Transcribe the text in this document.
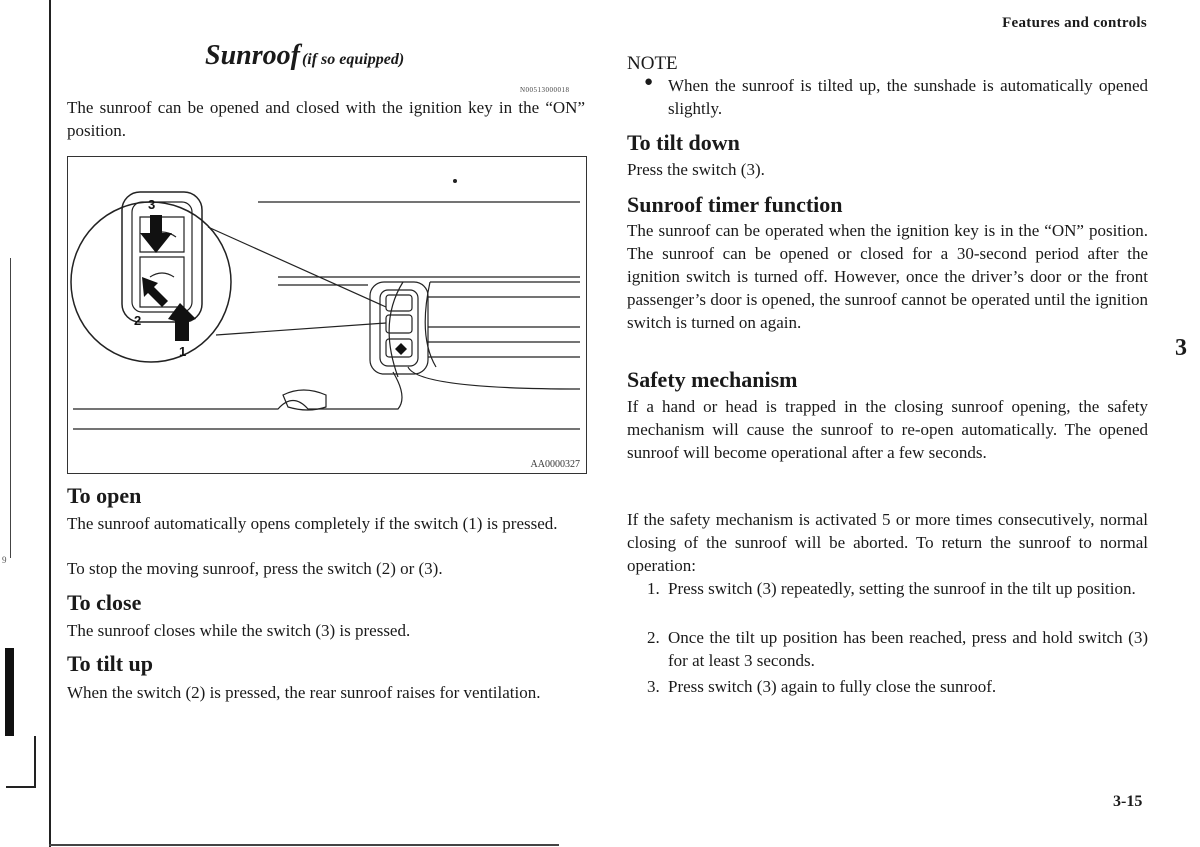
9
Features and controls
Sunroof (if so equipped)
N00513000018
The sunroof can be opened and closed with the ignition key in the “ON” position.
3
2
1
AA0000327
To open
The sunroof automatically opens completely if the switch (1) is pressed.
To stop the moving sunroof, press the switch (2) or (3).
To close
The sunroof closes while the switch (3) is pressed.
To tilt up
When the switch (2) is pressed, the rear sunroof raises for ventilation.
NOTE
● When the sunroof is tilted up, the sunshade is automatically opened slightly.
To tilt down
Press the switch (3).
Sunroof timer function
The sunroof can be operated when the ignition key is in the “ON” position. The sunroof can be opened or closed for a 30-second period after the ignition switch is turned off. However, once the driver’s door or the front passenger’s door is opened, the sunroof cannot be operated until the ignition switch is turned on again.
Safety mechanism
If a hand or head is trapped in the closing sunroof opening, the safety mechanism will cause the sunroof to re-open automatically. The opened sunroof will become operational after a few seconds.
If the safety mechanism is activated 5 or more times consecutively, normal closing of the sunroof will be aborted. To return the sunroof to normal operation:
1. Press switch (3) repeatedly, setting the sunroof in the tilt up position.
2. Once the tilt up position has been reached, press and hold switch (3) for at least 3 seconds.
3. Press switch (3) again to fully close the sunroof.
3
3-15
